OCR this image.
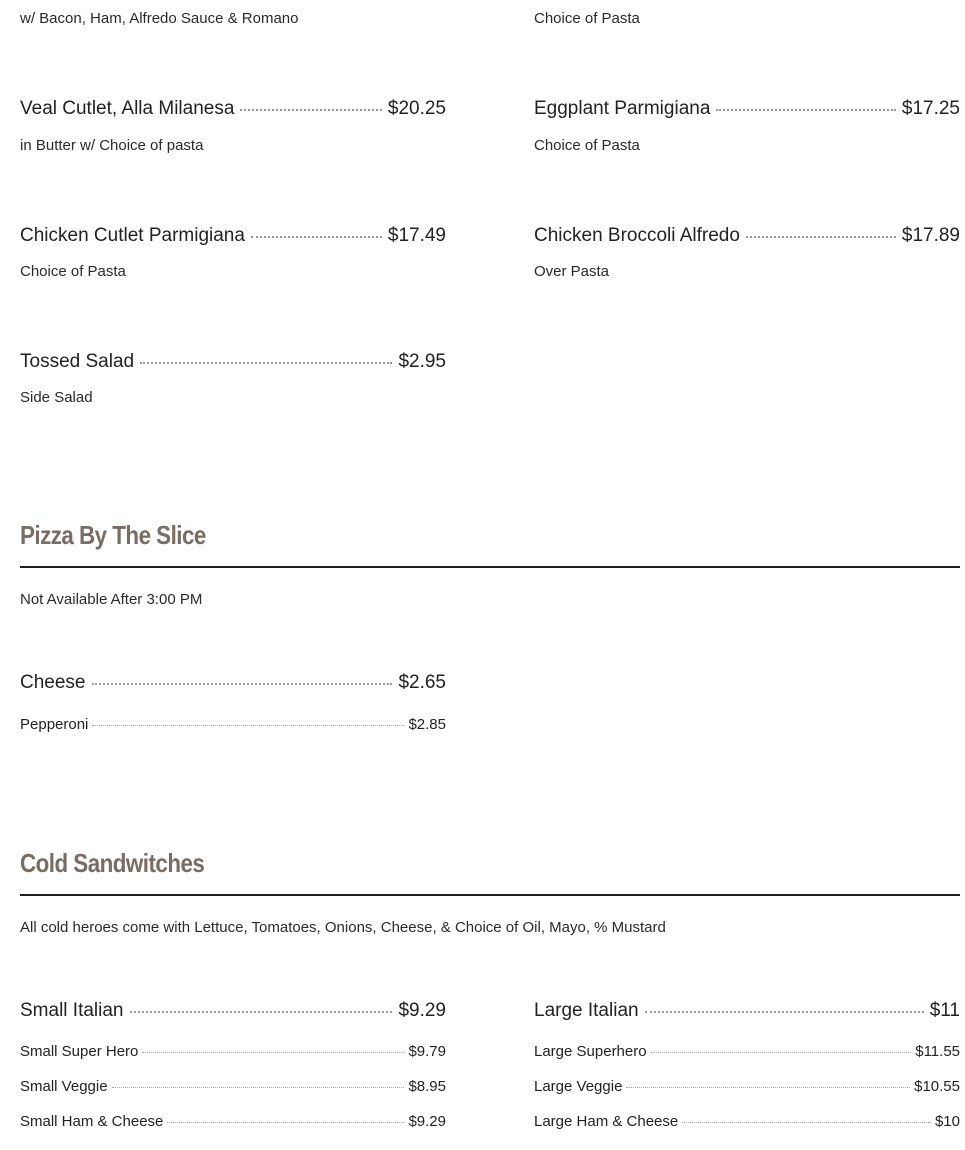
w/ Bacon, Ham, Alfredo Sauce & Romano	Choice of Pasta
Veal Cutlet, Alla Milanesa	$20.25
in Butter w/ Choice of pasta
Eggplant Parmigiana	$17.25
Choice of Pasta
Chicken Cutlet Parmigiana	$17.49
Choice of Pasta
Chicken Broccoli Alfredo	$17.89
Over Pasta
Tossed Salad	$2.95
Side Salad
Pizza By The Slice
Not Available After 3:00 PM
Cheese	$2.65
Pepperoni	$2.85
Cold Sandwitches
All cold heroes come with Lettuce, Tomatoes, Onions, Cheese, & Choice of Oil, Mayo, % Mustard
Small Italian	$9.29
Small Super Hero	$9.79
Small Veggie	$8.95
Small Ham & Cheese	$9.29
Large Italian	$11
Large Superhero	$11.55
Large Veggie	$10.55
Large Ham & Cheese	$10
